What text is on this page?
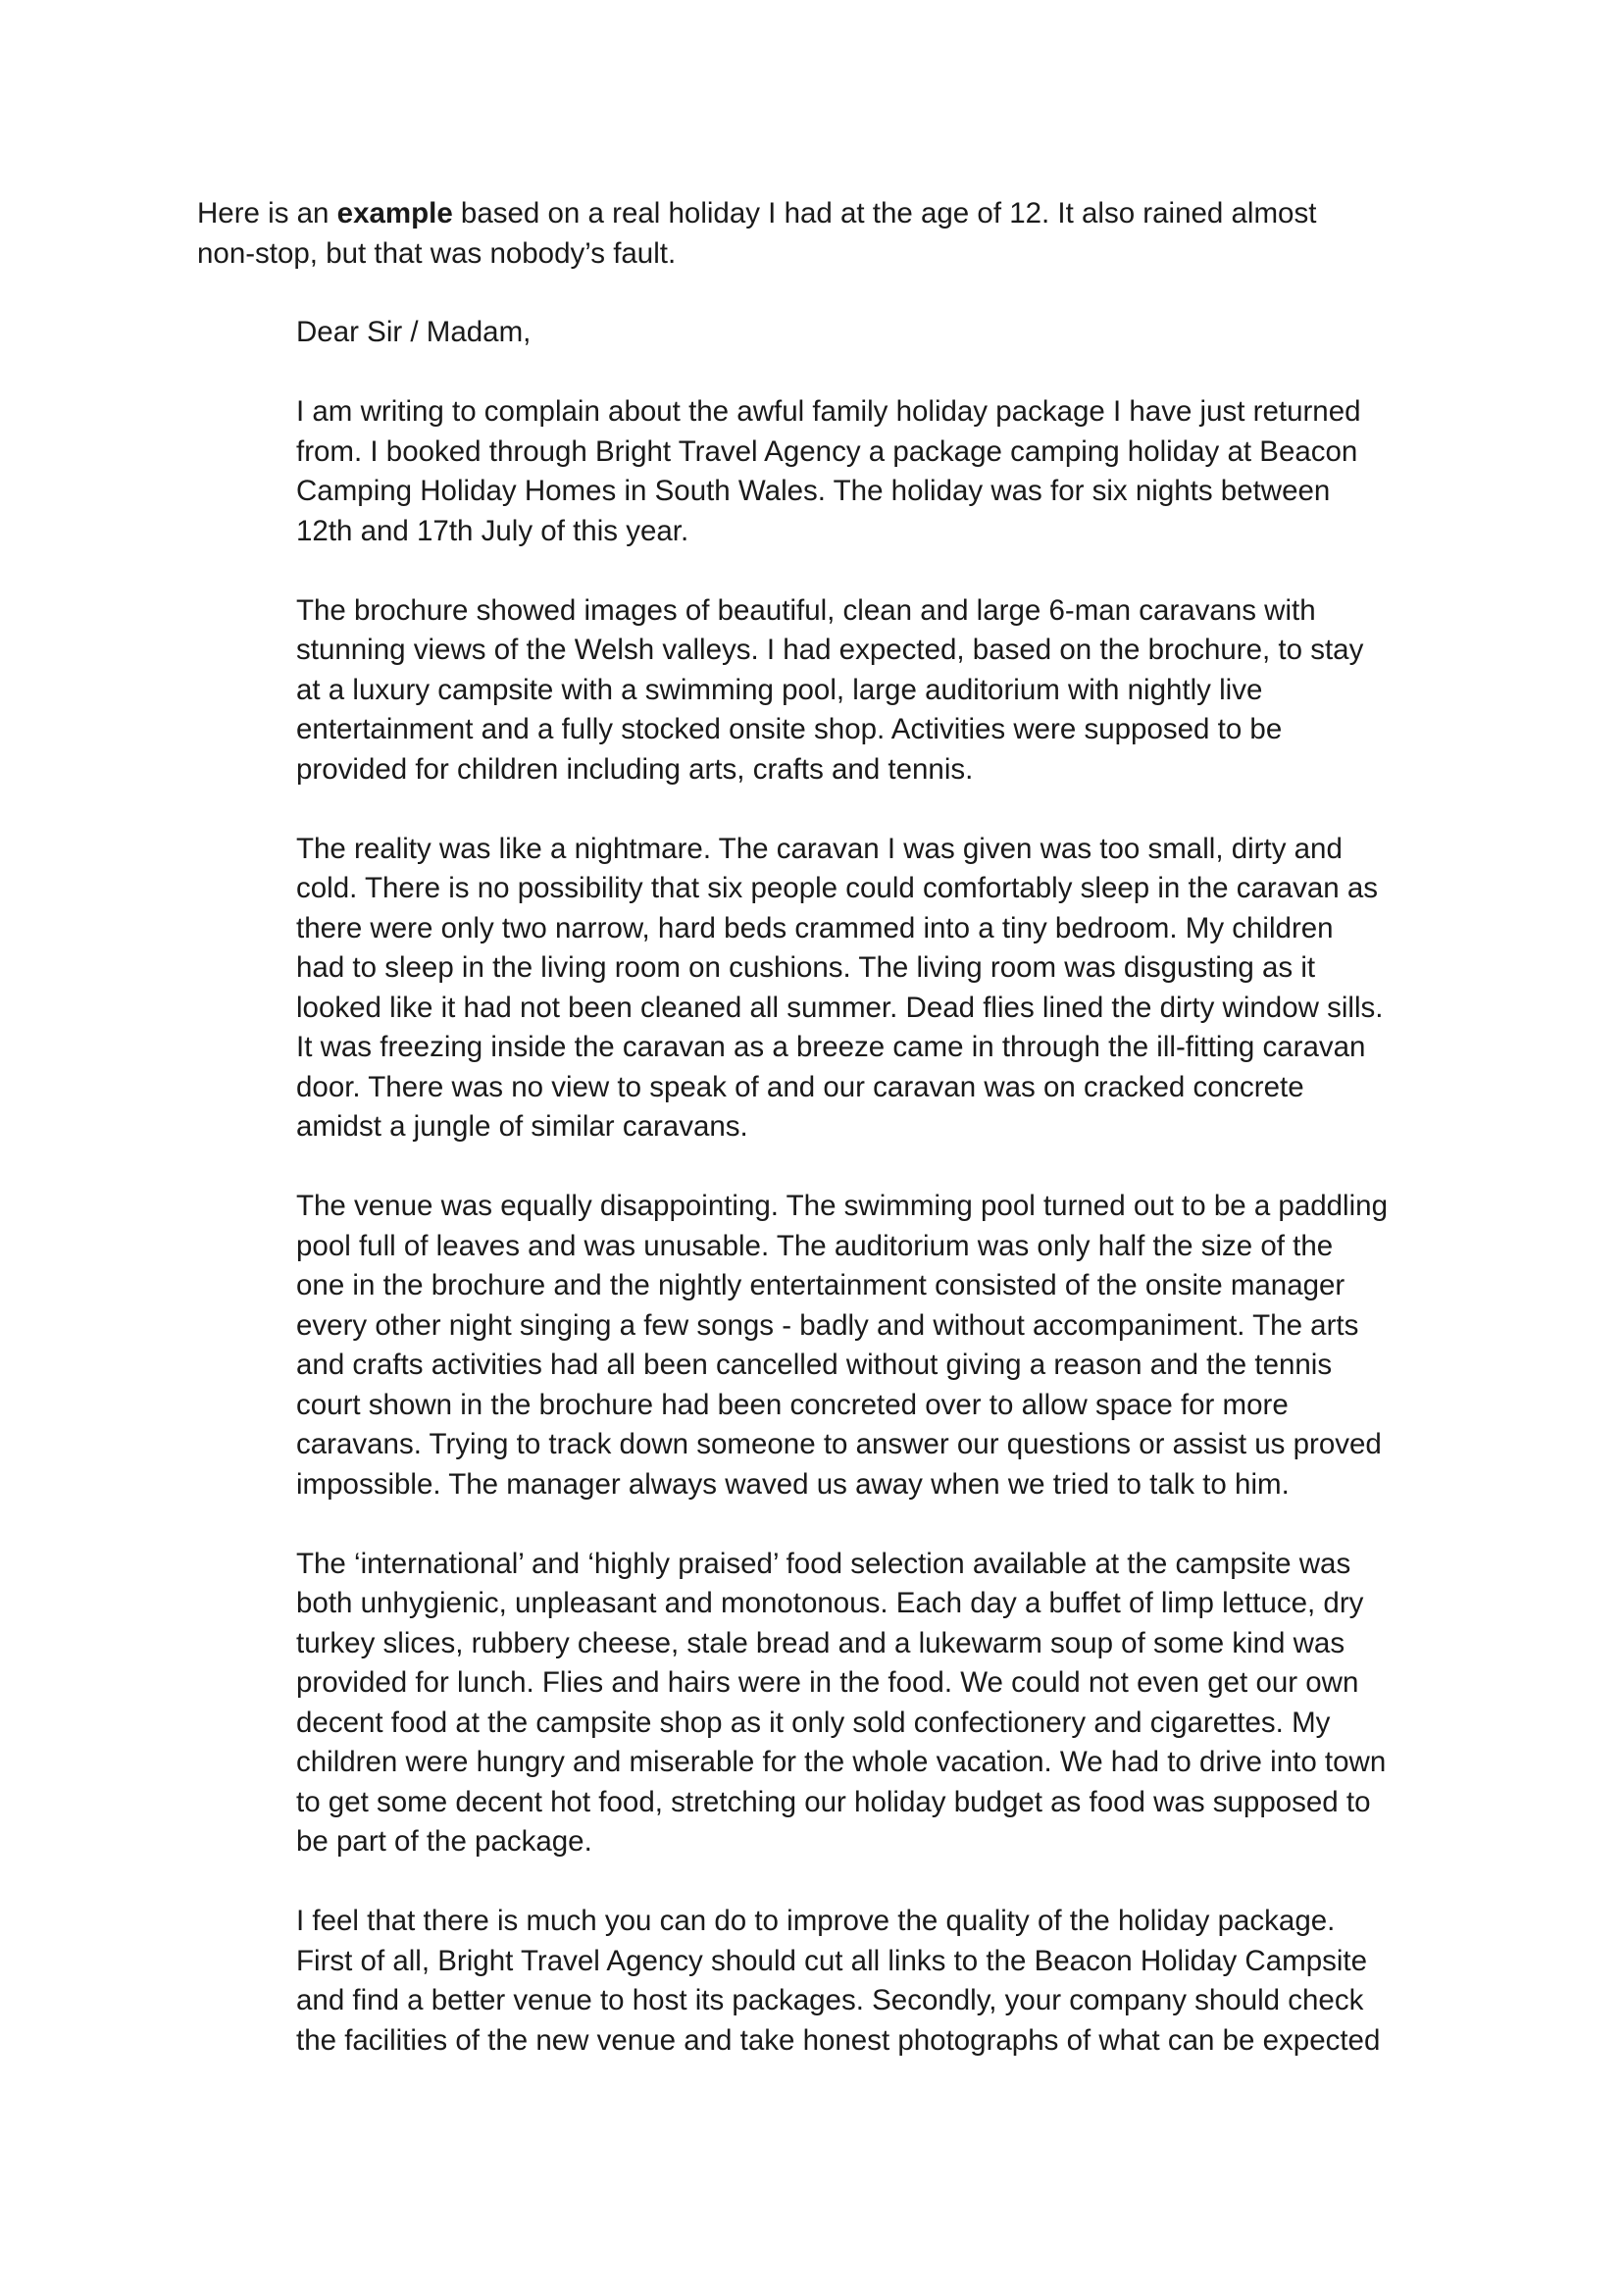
Here is an example based on a real holiday I had at the age of 12. It also rained almost
non-stop, but that was nobody’s fault.

Dear Sir / Madam,

I am writing to complain about the awful family holiday package I have just returned
from. I booked through Bright Travel Agency a package camping holiday at Beacon
Camping Holiday Homes in South Wales. The holiday was for six nights between
12th and 17th July of this year.

The brochure showed images of beautiful, clean and large 6-man caravans with
stunning views of the Welsh valleys. I had expected, based on the brochure, to stay
at a luxury campsite with a swimming pool, large auditorium with nightly live
entertainment and a fully stocked onsite shop. Activities were supposed to be
provided for children including arts, crafts and tennis.

The reality was like a nightmare. The caravan I was given was too small, dirty and
cold. There is no possibility that six people could comfortably sleep in the caravan as
there were only two narrow, hard beds crammed into a tiny bedroom. My children
had to sleep in the living room on cushions. The living room was disgusting as it
looked like it had not been cleaned all summer. Dead flies lined the dirty window sills.
It was freezing inside the caravan as a breeze came in through the ill-fitting caravan
door. There was no view to speak of and our caravan was on cracked concrete
amidst a jungle of similar caravans.

The venue was equally disappointing. The swimming pool turned out to be a paddling
pool full of leaves and was unusable. The auditorium was only half the size of the
one in the brochure and the nightly entertainment consisted of the onsite manager
every other night singing a few songs - badly and without accompaniment. The arts
and crafts activities had all been cancelled without giving a reason and the tennis
court shown in the brochure had been concreted over to allow space for more
caravans. Trying to track down someone to answer our questions or assist us proved
impossible. The manager always waved us away when we tried to talk to him.

The ‘international’ and ‘highly praised’ food selection available at the campsite was
both unhygienic, unpleasant and monotonous. Each day a buffet of limp lettuce, dry
turkey slices, rubbery cheese, stale bread and a lukewarm soup of some kind was
provided for lunch. Flies and hairs were in the food. We could not even get our own
decent food at the campsite shop as it only sold confectionery and cigarettes. My
children were hungry and miserable for the whole vacation. We had to drive into town
to get some decent hot food, stretching our holiday budget as food was supposed to
be part of the package.

I feel that there is much you can do to improve the quality of the holiday package.
First of all, Bright Travel Agency should cut all links to the Beacon Holiday Campsite
and find a better venue to host its packages. Secondly, your company should check
the facilities of the new venue and take honest photographs of what can be expected
